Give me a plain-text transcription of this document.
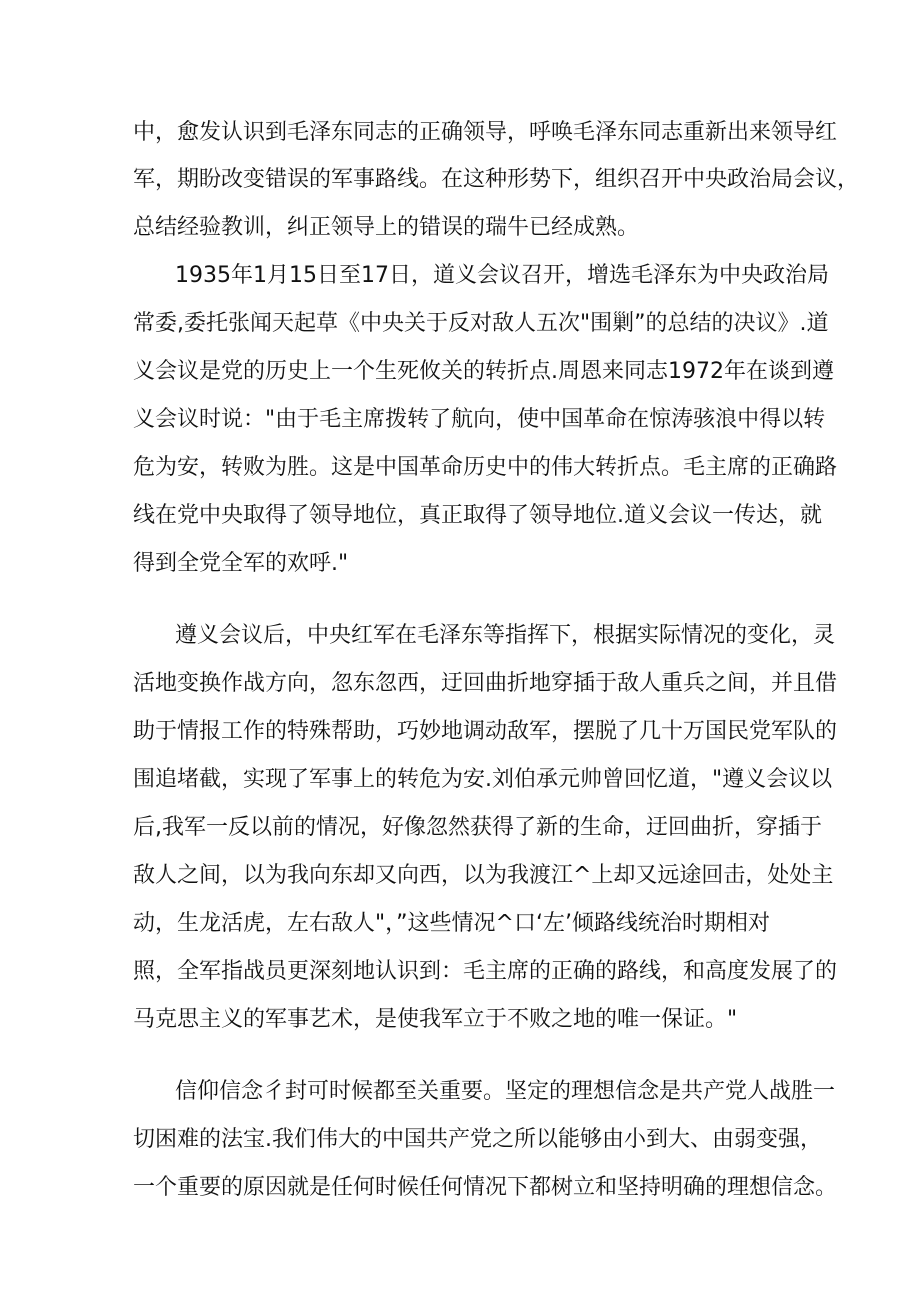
中，愈发认识到毛泽东同志的正确领导，呼唤毛泽东同志重新出来领导红
军，期盼改变错误的军事路线。在这种形势下，组织召开中央政治局会议，
总结经验教训，纠正领导上的错误的瑞牛已经成熟。
1935年1月15日至17日，道义会议召开，增选毛泽东为中央政治局
常委,委托张闻天起草《中央关于反对敌人五次"围剿”的总结的决议》.道
义会议是党的历史上一个生死攸关的转折点.周恩来同志1972年在谈到遵
义会议时说："由于毛主席拨转了航向，使中国革命在惊涛骇浪中得以转
危为安，转败为胜。这是中国革命历史中的伟大转折点。毛主席的正确路
线在党中央取得了领导地位，真正取得了领导地位.道义会议一传达，就
得到全党全军的欢呼."
遵义会议后，中央红军在毛泽东等指挥下，根据实际情况的变化，灵
活地变换作战方向，忽东忽西，迂回曲折地穿插于敌人重兵之间，并且借
助于情报工作的特殊帮助，巧妙地调动敌军，摆脱了几十万国民党军队的
围追堵截，实现了军事上的转危为安.刘伯承元帅曾回忆道，"遵义会议以
后,我军一反以前的情况，好像忽然获得了新的生命，迂回曲折，穿插于
敌人之间，以为我向东却又向西，以为我渡江^上却又远途回击，处处主
动，生龙活虎，左右敌人"，”这些情况^口‘左’倾路线统治时期相对
照，全军指战员更深刻地认识到：毛主席的正确的路线，和高度发展了的
马克思主义的军事艺术，是使我军立于不败之地的唯一保证。"
信仰信念彳封可时候都至关重要。坚定的理想信念是共产党人战胜一
切困难的法宝.我们伟大的中国共产党之所以能够由小到大、由弱变强，
一个重要的原因就是任何时候任何情况下都树立和坚持明确的理想信念。
